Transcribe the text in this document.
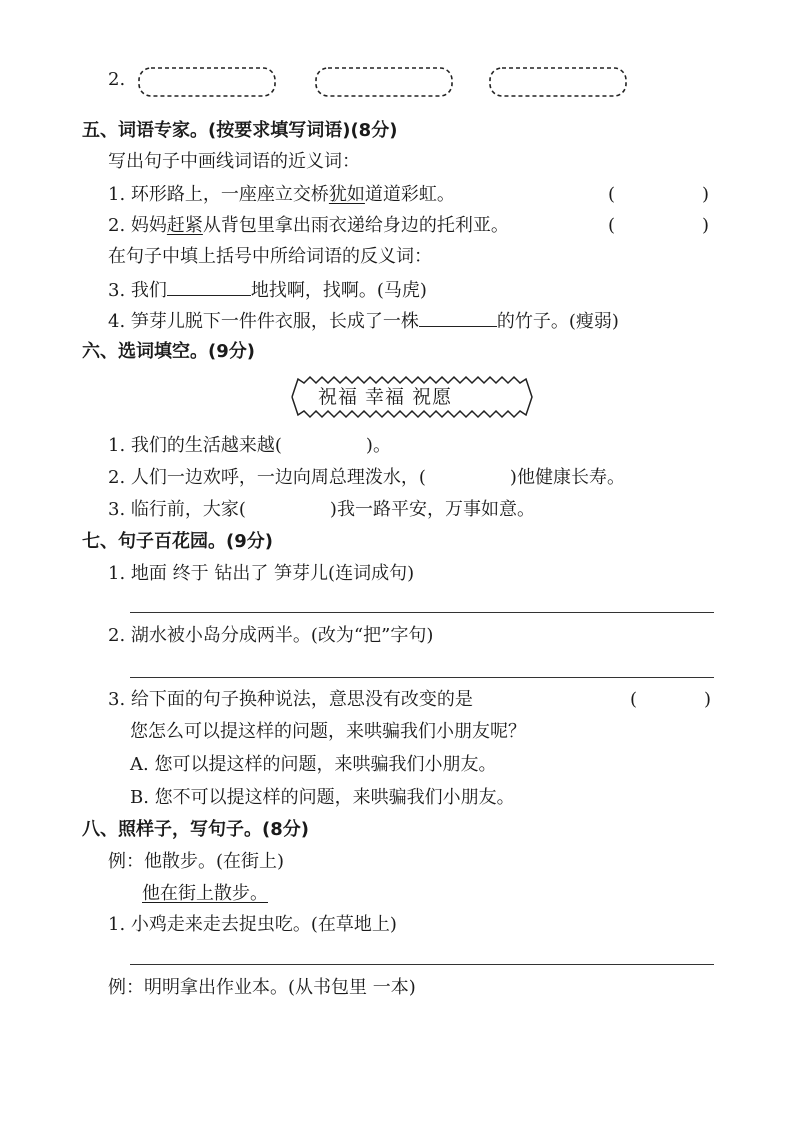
2.
五、词语专家。(按要求填写词语)(8分)
写出句子中画线词语的近义词：
1. 环形路上，一座座立交桥犹如道道彩虹。	(	)
2. 妈妈赶紧从背包里拿出雨衣递给身边的托利亚。	(	)
在句子中填上括号中所给词语的反义词：
3. 我们	地找啊，找啊。(马虎)
4. 笋芽儿脱下一件件衣服，长成了一株	的竹子。(瘦弱)
六、选词填空。(9分)
祝福 幸福 祝愿
1. 我们的生活越来越(	)。
2. 人们一边欢呼，一边向周总理泼水，(	)他健康长寿。
3. 临行前，大家(	)我一路平安，万事如意。
七、句子百花园。(9分)
1. 地面 终于 钻出了 笋芽儿(连词成句)
2. 湖水被小岛分成两半。(改为“把”字句)
3. 给下面的句子换种说法，意思没有改变的是	(	)
您怎么可以提这样的问题，来哄骗我们小朋友呢？
A. 您可以提这样的问题，来哄骗我们小朋友。
B. 您不可以提这样的问题，来哄骗我们小朋友。
八、照样子，写句子。(8分)
例：他散步。(在街上)
他在街上散步。
1. 小鸡走来走去捉虫吃。(在草地上)
例：明明拿出作业本。(从书包里 一本)
